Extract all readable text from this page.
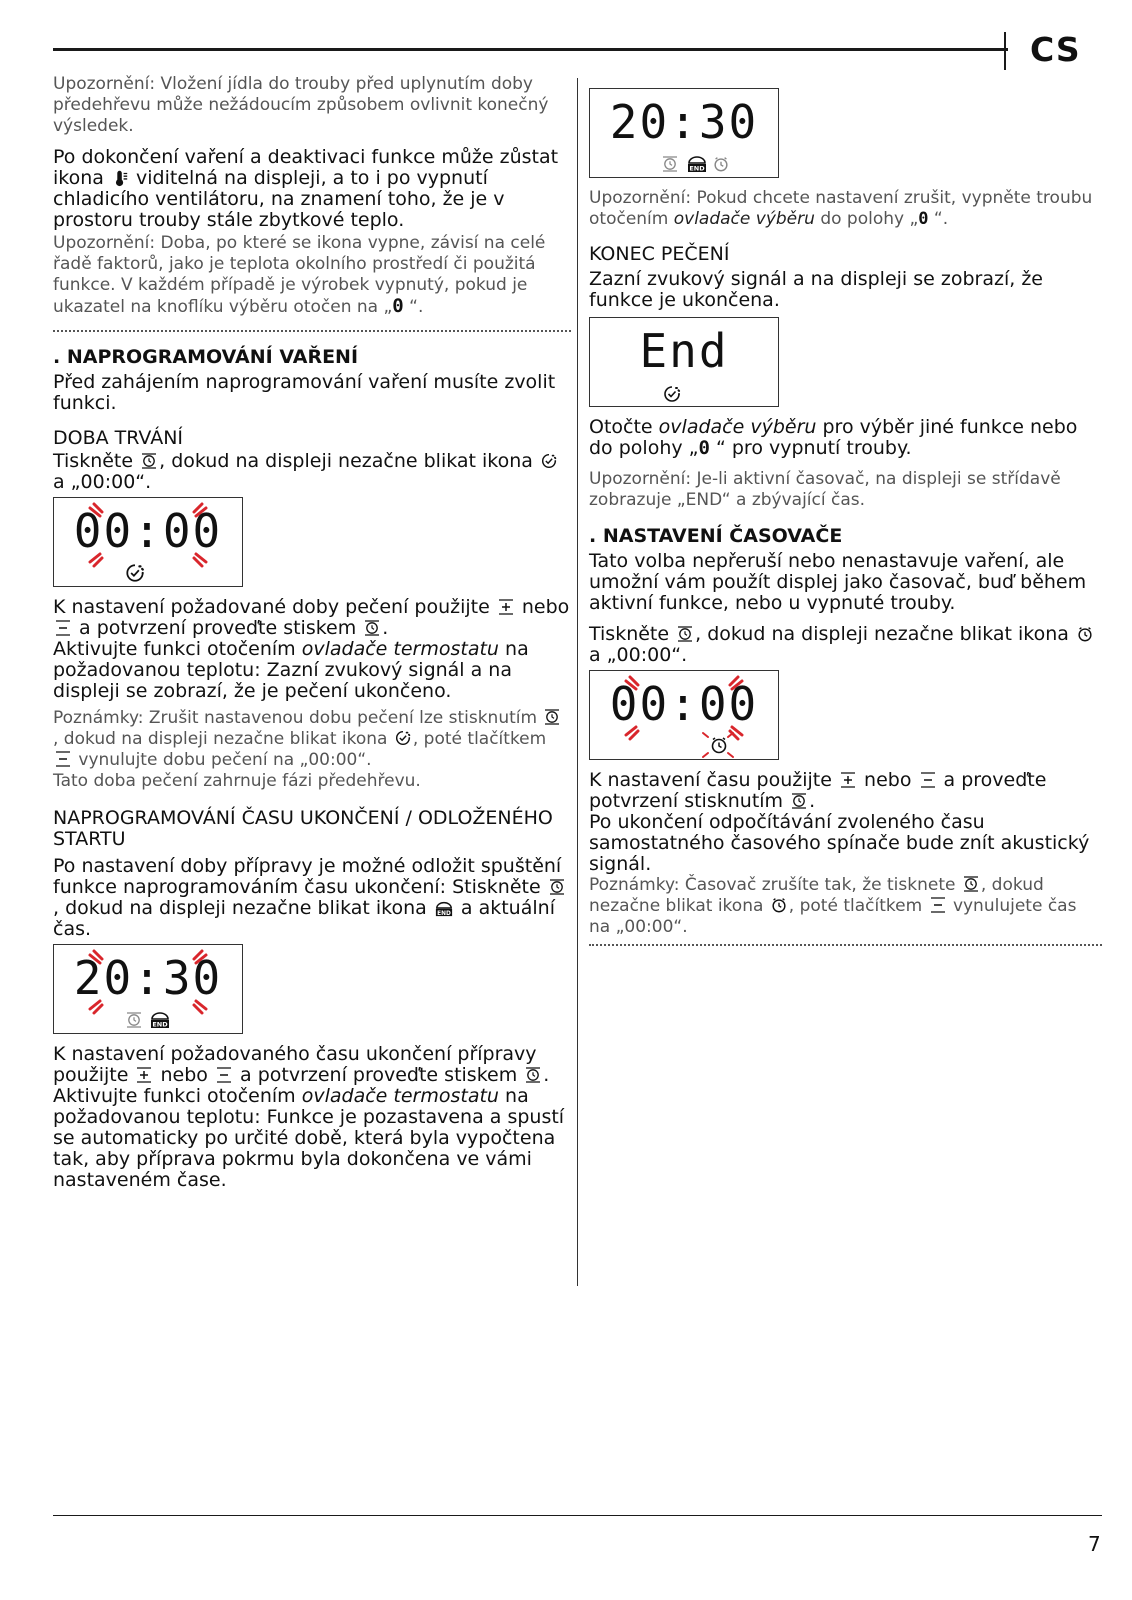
CS
7

Upozornění: Vložení jídla do trouby před uplynutím doby předehřevu může nežádoucím způsobem ovlivnit konečný výsledek.

Po dokončení vaření a deaktivaci funkce může zůstat ikona viditelná na displeji, a to i po vypnutí chladicího ventilátoru, na znamení toho, že je v prostoru trouby stále zbytkové teplo.

Upozornění: Doba, po které se ikona vypne, závisí na celé řadě faktorů, jako je teplota okolního prostředí či použitá funkce. V každém případě je výrobek vypnutý, pokud je ukazatel na knoflíku výběru otočen na „0 “.

. NAPROGRAMOVÁNÍ VAŘENÍ

Před zahájením naprogramování vaření musíte zvolit funkci.

DOBA TRVÁNÍ

Tiskněte , dokud na displeji nezačne blikat ikona  a „00:00“.

00:00

K nastavení požadované doby pečení použijte nebo  a potvrzení proveďte stiskem .

Aktivujte funkci otočením ovladače termostatu na požadovanou teplotu: Zazní zvukový signál a na displeji se zobrazí, že je pečení ukončeno.

Poznámky: Zrušit nastavenou dobu pečení lze stisknutím  , dokud na displeji nezačne blikat ikona , poté tlačítkem  vynulujte dobu pečení na „00:00“.
Tato doba pečení zahrnuje fázi předehřevu.

NAPROGRAMOVÁNÍ ČASU UKONČENÍ / ODLOŽENÉHO STARTU

Po nastavení doby přípravy je možné odložit spuštění funkce naprogramováním času ukončení: Stiskněte  , dokud na displeji nezačne blikat ikona a aktuální čas.

20:30

K nastavení požadovaného času ukončení přípravy použijte nebo a potvrzení proveďte stiskem .

Aktivujte funkci otočením ovladače termostatu na požadovanou teplotu: Funkce je pozastavena a spustí se automaticky po určité době, která byla vypočtena tak, aby příprava pokrmu byla dokončena ve vámi nastaveném čase.

20:30

Upozornění: Pokud chcete nastavení zrušit, vypněte troubu otočením ovladače výběru do polohy „0 “.

KONEC PEČENÍ

Zazní zvukový signál a na displeji se zobrazí, že funkce je ukončena.

End

Otočte ovladače výběru pro výběr jiné funkce nebo do polohy „0 “ pro vypnutí trouby.

Upozornění: Je-li aktivní časovač, na displeji se střídavě zobrazuje „END“ a zbývající čas.

. NASTAVENÍ ČASOVAČE

Tato volba nepřeruší nebo nenastavuje vaření, ale umožní vám použít displej jako časovač, buď během aktivní funkce, nebo u vypnuté trouby.

Tiskněte , dokud na displeji nezačne blikat ikona  a „00:00“.

00:00

K nastavení času použijte nebo a proveďte potvrzení stisknutím .

Po ukončení odpočítávání zvoleného času samostatného časového spínače bude znít akustický signál.

Poznámky: Časovač zrušíte tak, že tisknete , dokud nezačne blikat ikona , poté tlačítkem vynulujete čas na „00:00“.
